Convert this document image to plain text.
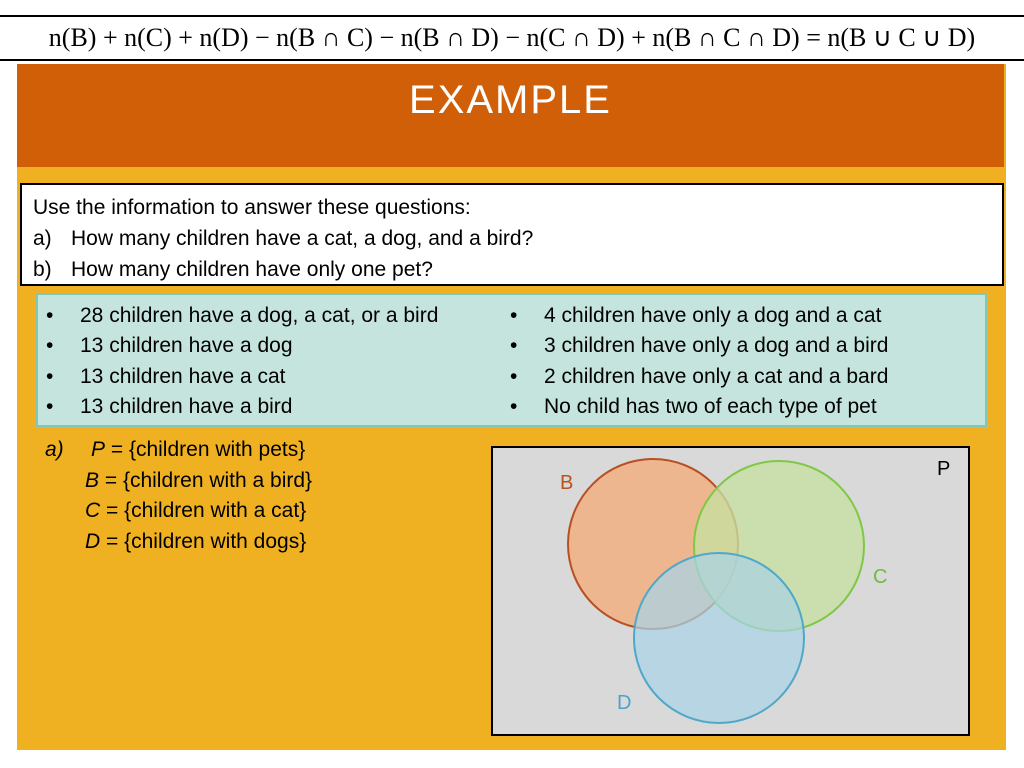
n(B) + n(C) + n(D) − n(B ∩ C) − n(B ∩ D) − n(C ∩ D) + n(B ∩ C ∩ D) = n(B ∪ C ∪ D)
EXAMPLE
Use the information to answer these questions:
a) How many children have a cat, a dog, and a bird?
b) How many children have only one pet?
•	28 children have a dog, a cat, or a bird
•	13 children have a dog
•	13 children have a cat
•	13 children have a bird
•	4 children have only a dog and a cat
•	3 children have only a dog and a bird
•	2 children have only a cat and a bard
•	No child has two of each type of pet
a) P = {children with pets}
B = {children with a bird}
C = {children with a cat}
D = {children with dogs}
P
B
C
D
